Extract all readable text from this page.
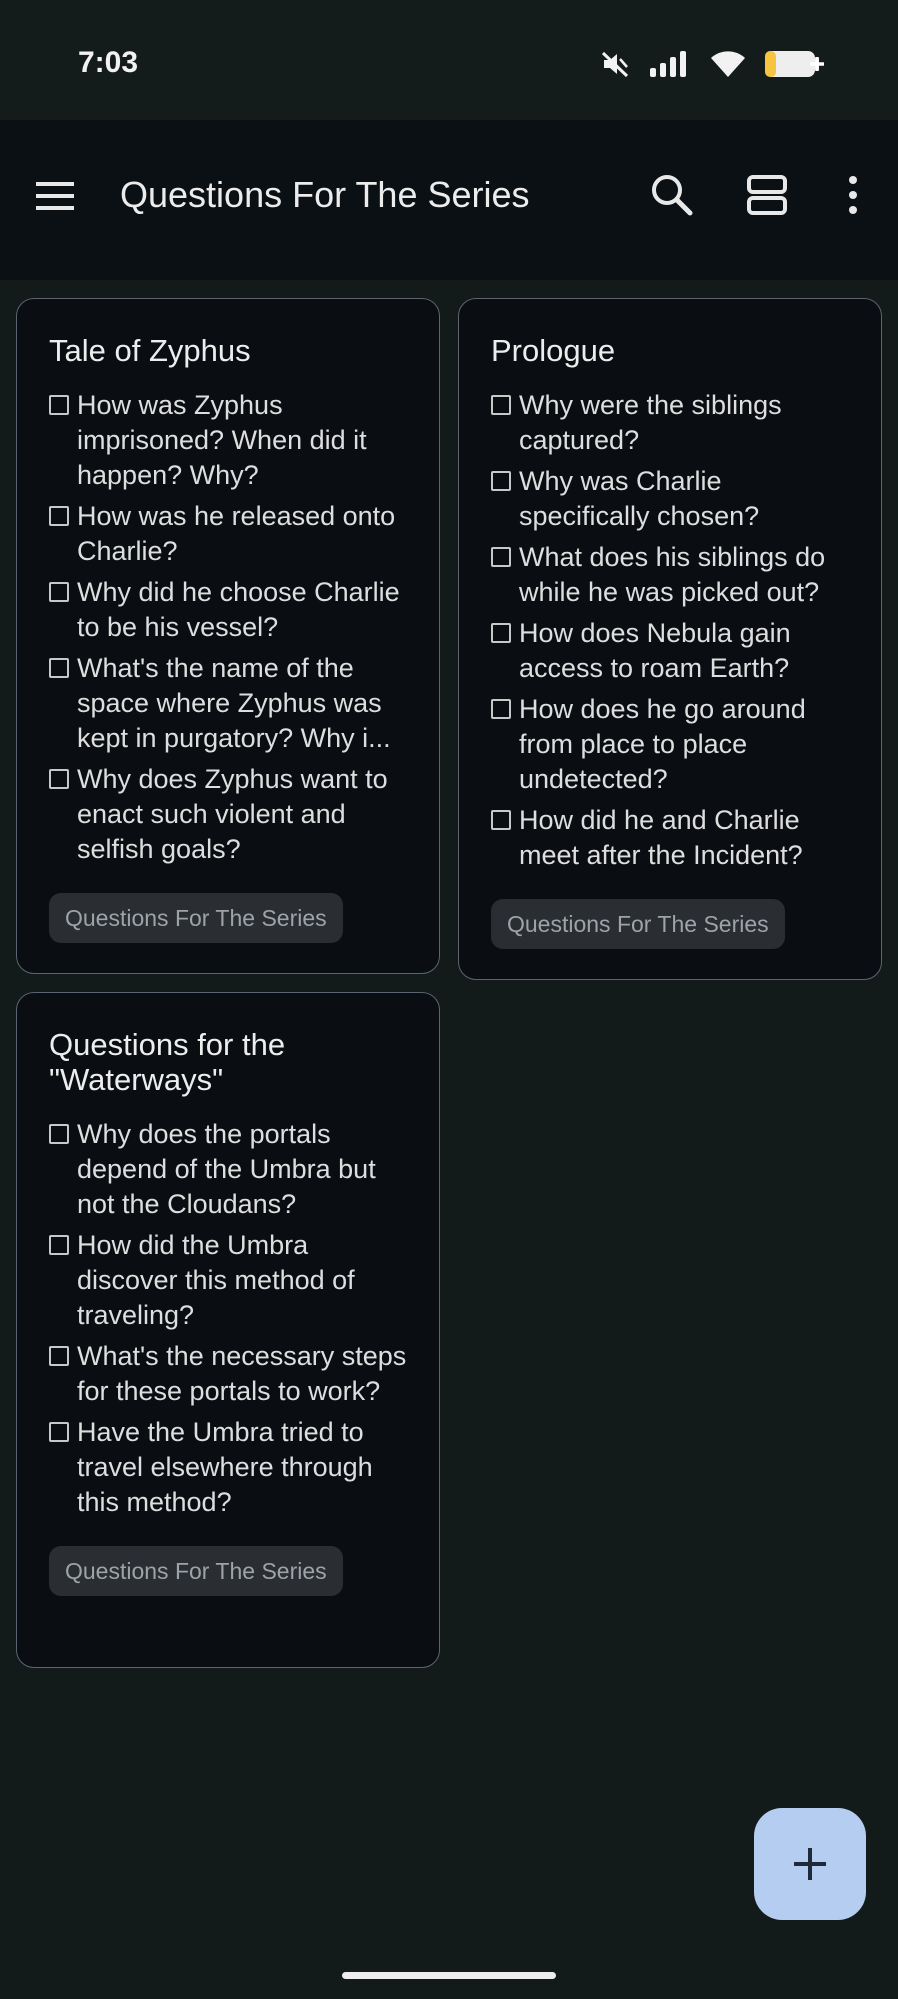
7:03
Questions For The Series
Tale of Zyphus
How was Zyphus imprisoned? When did it happen? Why?
How was he released onto Charlie?
Why did he choose Charlie to be his vessel?
What's the name of the space where Zyphus was kept in purgatory? Why i...
Why does Zyphus want to enact such violent and selfish goals?
Questions For The Series
Prologue
Why were the siblings captured?
Why was Charlie specifically chosen?
What does his siblings do while he was picked out?
How does Nebula gain access to roam Earth?
How does he go around from place to place undetected?
How did he and Charlie meet after the Incident?
Questions For The Series
Questions for the "Waterways"
Why does the portals depend of the Umbra but not the Cloudans?
How did the Umbra discover this method of traveling?
What's the necessary steps for these portals to work?
Have the Umbra tried to travel elsewhere through this method?
Questions For The Series
